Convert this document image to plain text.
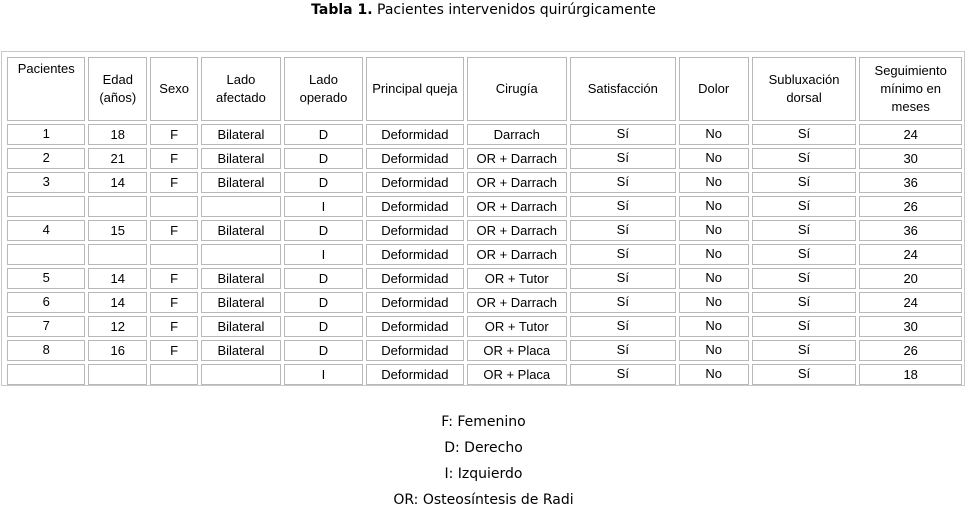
Tabla 1. Pacientes intervenidos quirúrgicamente
Pacientes	Edad (años)	Sexo	Lado afectado	Lado operado	Principal queja	Cirugía	Satisfacción	Dolor	Subluxación dorsal	Seguimiento mínimo en meses
1	18	F	Bilateral	D	Deformidad	Darrach	Sí	No	Sí	24
2	21	F	Bilateral	D	Deformidad	OR + Darrach	Sí	No	Sí	30
3	14	F	Bilateral	D	Deformidad	OR + Darrach	Sí	No	Sí	36
				I	Deformidad	OR + Darrach	Sí	No	Sí	26
4	15	F	Bilateral	D	Deformidad	OR + Darrach	Sí	No	Sí	36
				I	Deformidad	OR + Darrach	Sí	No	Sí	24
5	14	F	Bilateral	D	Deformidad	OR + Tutor	Sí	No	Sí	20
6	14	F	Bilateral	D	Deformidad	OR + Darrach	Sí	No	Sí	24
7	12	F	Bilateral	D	Deformidad	OR + Tutor	Sí	No	Sí	30
8	16	F	Bilateral	D	Deformidad	OR + Placa	Sí	No	Sí	26
				I	Deformidad	OR + Placa	Sí	No	Sí	18
F: Femenino
D: Derecho
I: Izquierdo
OR: Osteosíntesis de Radi
